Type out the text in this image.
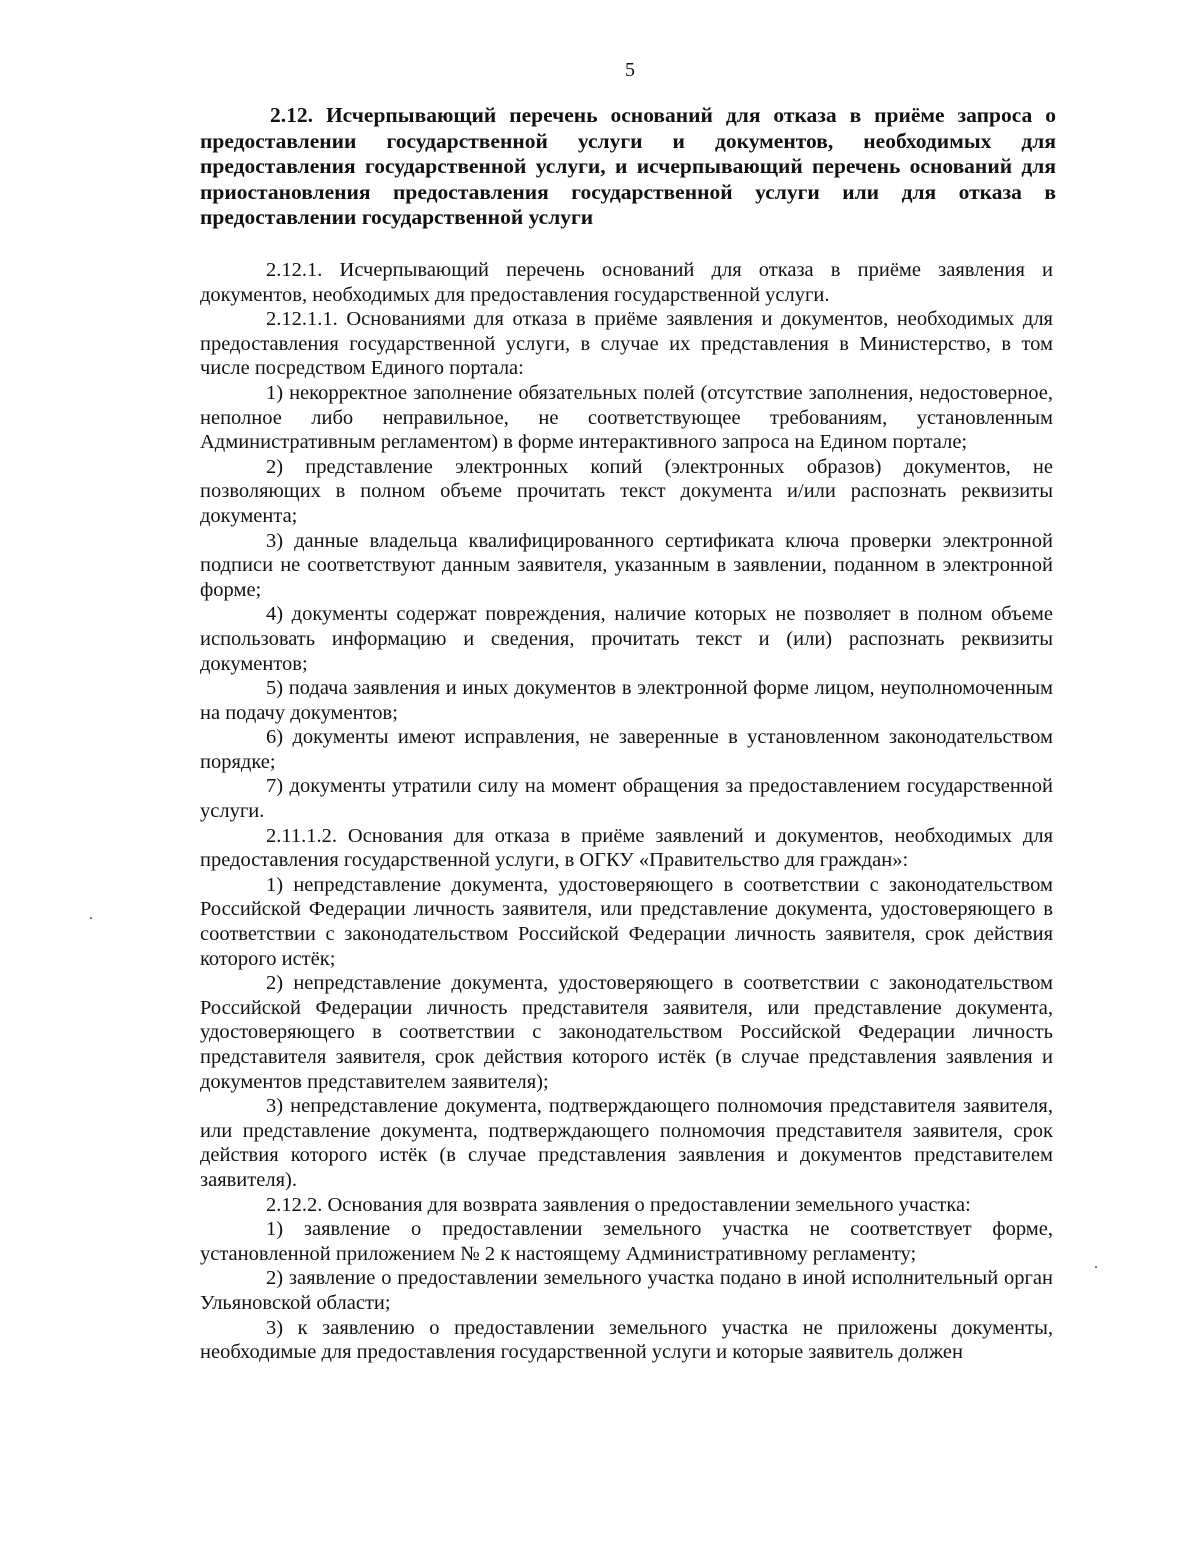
5
2.12. Исчерпывающий перечень оснований для отказа в приёме запроса о предоставлении государственной услуги и документов, необходимых для предоставления государственной услуги, и исчерпывающий перечень оснований для приостановления предоставления государственной услуги или для отказа в предоставлении государственной услуги

2.12.1. Исчерпывающий перечень оснований для отказа в приёме заявления и документов, необходимых для предоставления государственной услуги.

2.12.1.1. Основаниями для отказа в приёме заявления и документов, необходимых для предоставления государственной услуги, в случае их представления в Министерство, в том числе посредством Единого портала:

1) некорректное заполнение обязательных полей (отсутствие заполнения, недостоверное, неполное либо неправильное, не соответствующее требованиям, установленным Административным регламентом) в форме интерактивного запроса на Едином портале;

2) представление электронных копий (электронных образов) документов, не позволяющих в полном объеме прочитать текст документа и/или распознать реквизиты документа;

3) данные владельца квалифицированного сертификата ключа проверки электронной подписи не соответствуют данным заявителя, указанным в заявлении, поданном в электронной форме;

4) документы содержат повреждения, наличие которых не позволяет в полном объеме использовать информацию и сведения, прочитать текст и (или) распознать реквизиты документов;

5) подача заявления и иных документов в электронной форме лицом, неуполномоченным на подачу документов;

6) документы имеют исправления, не заверенные в установленном законодательством порядке;

7) документы утратили силу на момент обращения за предоставлением государственной услуги.

2.11.1.2. Основания для отказа в приёме заявлений и документов, необходимых для предоставления государственной услуги, в ОГКУ «Правительство для граждан»:

1) непредставление документа, удостоверяющего в соответствии с законодательством Российской Федерации личность заявителя, или представление документа, удостоверяющего в соответствии с законодательством Российской Федерации личность заявителя, срок действия которого истёк;

2) непредставление документа, удостоверяющего в соответствии с законодательством Российской Федерации личность представителя заявителя, или представление документа, удостоверяющего в соответствии с законодательством Российской Федерации личность представителя заявителя, срок действия которого истёк (в случае представления заявления и документов представителем заявителя);

3) непредставление документа, подтверждающего полномочия представителя заявителя, или представление документа, подтверждающего полномочия представителя заявителя, срок действия которого истёк (в случае представления заявления и документов представителем заявителя).

2.12.2. Основания для возврата заявления о предоставлении земельного участка:

1) заявление о предоставлении земельного участка не соответствует форме, установленной приложением № 2 к настоящему Административному регламенту;

2) заявление о предоставлении земельного участка подано в иной исполнительный орган Ульяновской области;

3) к заявлению о предоставлении земельного участка не приложены документы, необходимые для предоставления государственной услуги и которые заявитель должен
